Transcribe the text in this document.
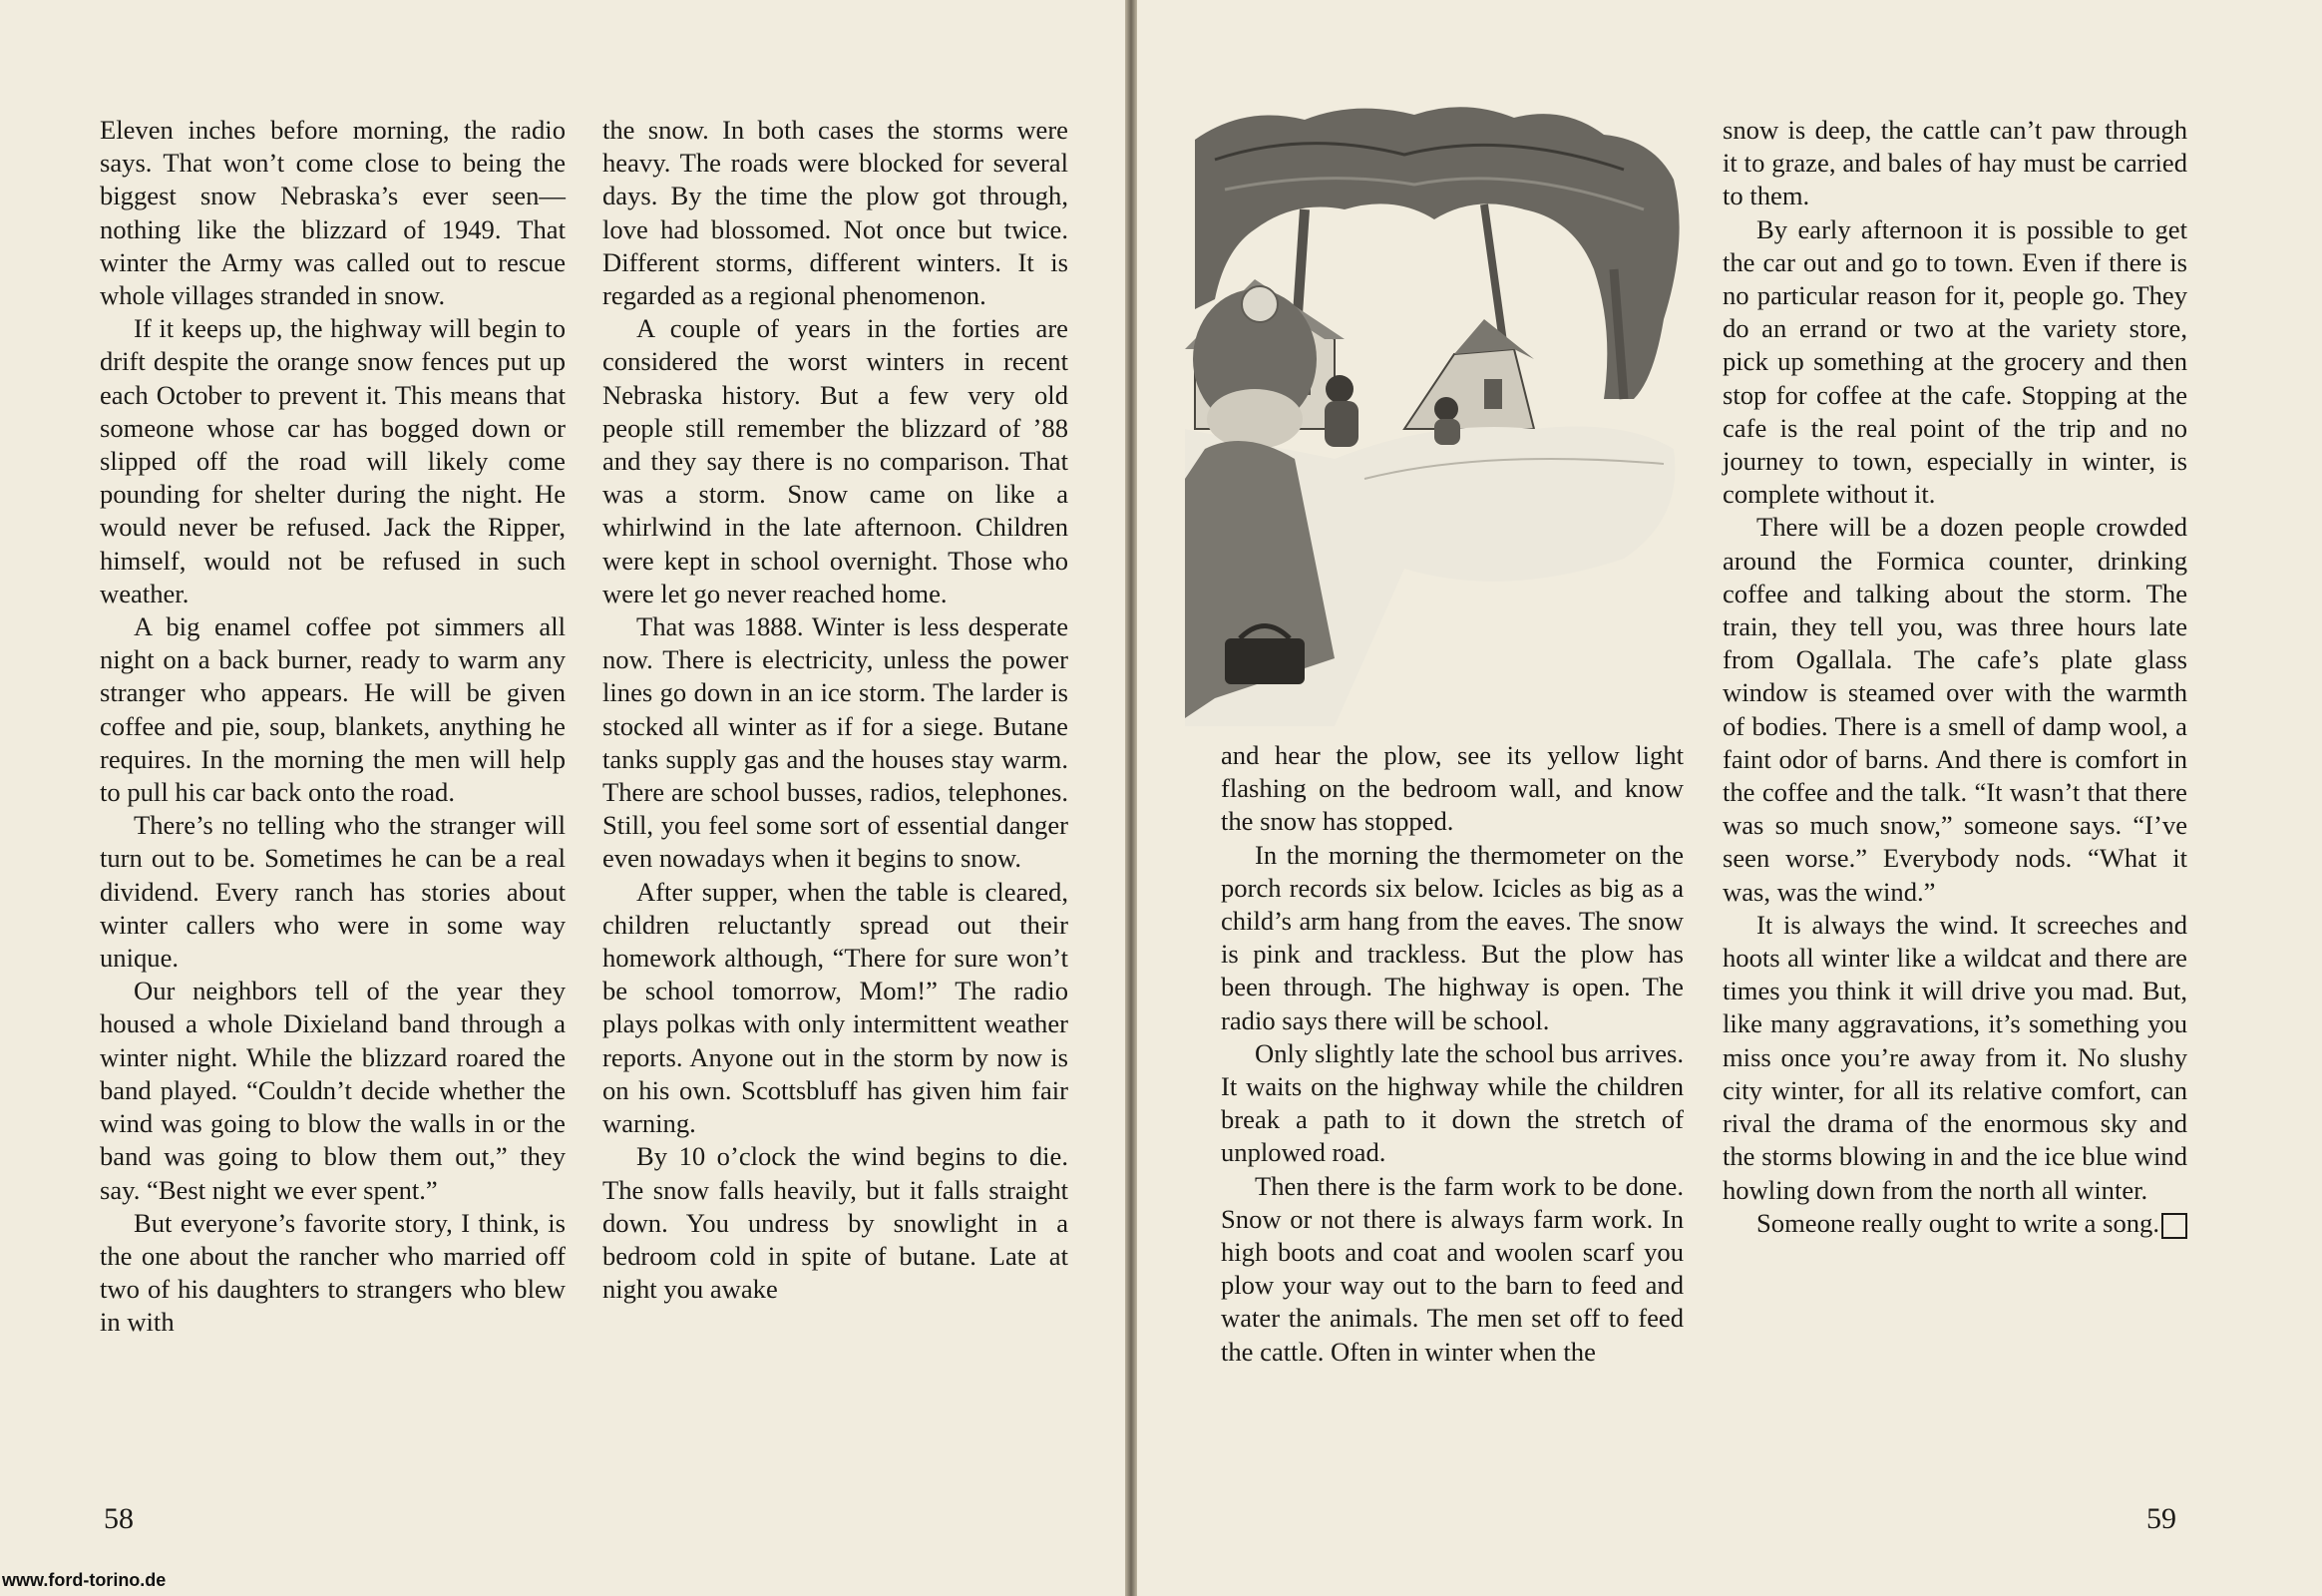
Eleven inches before morning, the radio says. That won’t come close to being the biggest snow Nebraska’s ever seen—nothing like the blizzard of 1949. That winter the Army was called out to rescue whole villages stranded in snow.

If it keeps up, the highway will begin to drift despite the orange snow fences put up each October to prevent it. This means that someone whose car has bogged down or slipped off the road will likely come pounding for shelter during the night. He would never be refused. Jack the Ripper, himself, would not be refused in such weather.

A big enamel coffee pot simmers all night on a back burner, ready to warm any stranger who appears. He will be given coffee and pie, soup, blankets, anything he requires. In the morning the men will help to pull his car back onto the road.

There’s no telling who the stranger will turn out to be. Sometimes he can be a real dividend. Every ranch has stories about winter callers who were in some way unique.

Our neighbors tell of the year they housed a whole Dixieland band through a winter night. While the blizzard roared the band played. “Couldn’t decide whether the wind was going to blow the walls in or the band was going to blow them out,” they say. “Best night we ever spent.”

But everyone’s favorite story, I think, is the one about the rancher who married off two of his daughters to strangers who blew in with

the snow. In both cases the storms were heavy. The roads were blocked for several days. By the time the plow got through, love had blossomed. Not once but twice. Different storms, different winters. It is regarded as a regional phenomenon.

A couple of years in the forties are considered the worst winters in recent Nebraska history. But a few very old people still remember the blizzard of ’88 and they say there is no comparison. That was a storm. Snow came on like a whirlwind in the late afternoon. Children were kept in school overnight. Those who were let go never reached home.

That was 1888. Winter is less desperate now. There is electricity, unless the power lines go down in an ice storm. The larder is stocked all winter as if for a siege. Butane tanks supply gas and the houses stay warm. There are school busses, radios, telephones. Still, you feel some sort of essential danger even nowadays when it begins to snow.

After supper, when the table is cleared, children reluctantly spread out their homework although, “There for sure won’t be school tomorrow, Mom!” The radio plays polkas with only intermittent weather reports. Anyone out in the storm by now is on his own. Scottsbluff has given him fair warning.

By 10 o’clock the wind begins to die. The snow falls heavily, but it falls straight down. You undress by snowlight in a bedroom cold in spite of butane. Late at night you awake

58
www.ford-torino.de

and hear the plow, see its yellow light flashing on the bedroom wall, and know the snow has stopped.

In the morning the thermometer on the porch records six below. Icicles as big as a child’s arm hang from the eaves. The snow is pink and trackless. But the plow has been through. The highway is open. The radio says there will be school.

Only slightly late the school bus arrives. It waits on the highway while the children break a path to it down the stretch of unplowed road.

Then there is the farm work to be done. Snow or not there is always farm work. In high boots and coat and woolen scarf you plow your way out to the barn to feed and water the animals. The men set off to feed the cattle. Often in winter when the

snow is deep, the cattle can’t paw through it to graze, and bales of hay must be carried to them.

By early afternoon it is possible to get the car out and go to town. Even if there is no particular reason for it, people go. They do an errand or two at the variety store, pick up something at the grocery and then stop for coffee at the cafe. Stopping at the cafe is the real point of the trip and no journey to town, especially in winter, is complete without it.

There will be a dozen people crowded around the Formica counter, drinking coffee and talking about the storm. The train, they tell you, was three hours late from Ogallala. The cafe’s plate glass window is steamed over with the warmth of bodies. There is a smell of damp wool, a faint odor of barns. And there is comfort in the coffee and the talk. “It wasn’t that there was so much snow,” someone says. “I’ve seen worse.” Everybody nods. “What it was, was the wind.”

It is always the wind. It screeches and hoots all winter like a wildcat and there are times you think it will drive you mad. But, like many aggravations, it’s something you miss once you’re away from it. No slushy city winter, for all its relative comfort, can rival the drama of the enormous sky and the storms blowing in and the ice blue wind howling down from the north all winter.

Someone really ought to write a song.

59
